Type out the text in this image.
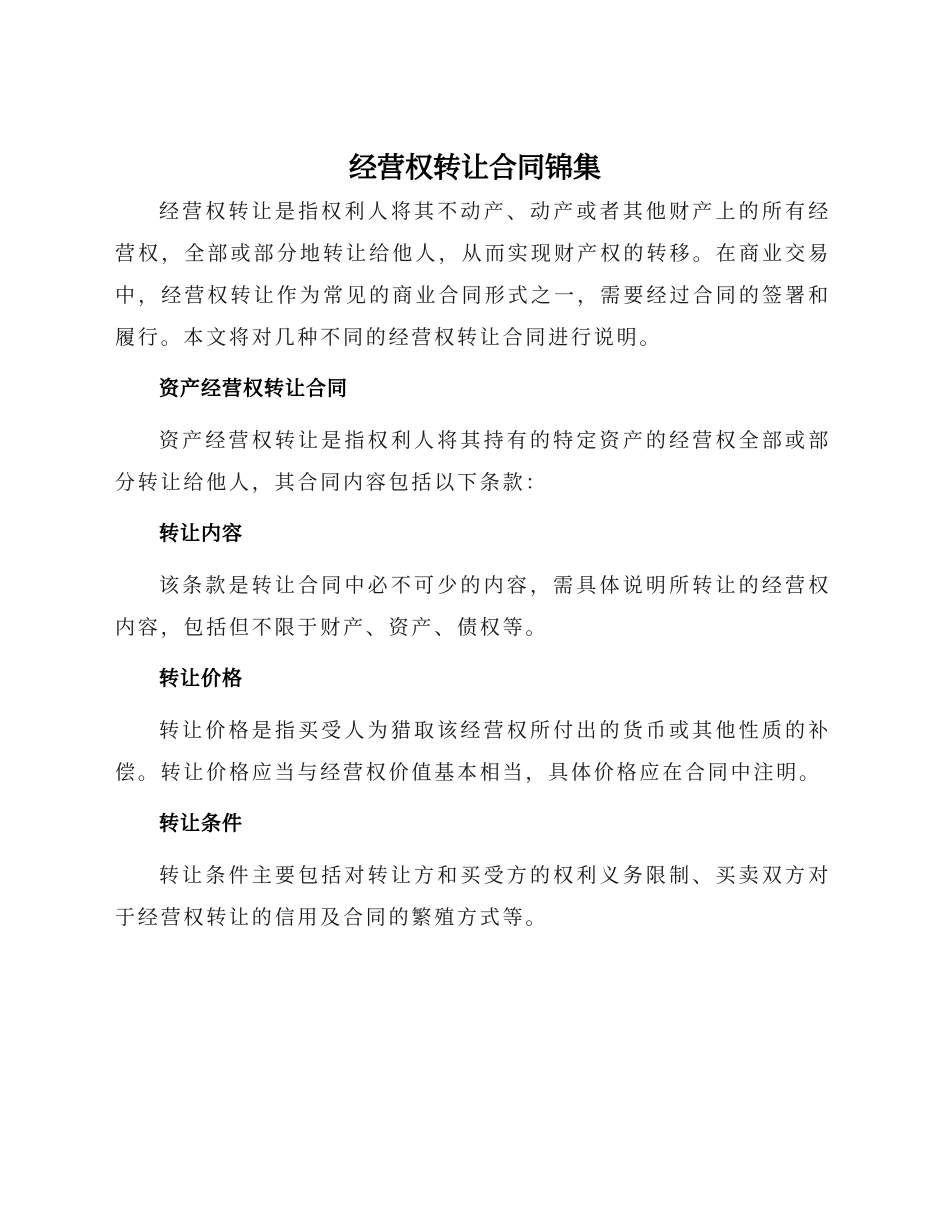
经营权转让合同锦集

经营权转让是指权利人将其不动产、动产或者其他财产上的所有经营权，全部或部分地转让给他人，从而实现财产权的转移。在商业交易中，经营权转让作为常见的商业合同形式之一，需要经过合同的签署和履行。本文将对几种不同的经营权转让合同进行说明。

资产经营权转让合同

资产经营权转让是指权利人将其持有的特定资产的经营权全部或部分转让给他人，其合同内容包括以下条款：

转让内容

该条款是转让合同中必不可少的内容，需具体说明所转让的经营权内容，包括但不限于财产、资产、债权等。

转让价格

转让价格是指买受人为猎取该经营权所付出的货币或其他性质的补偿。转让价格应当与经营权价值基本相当，具体价格应在合同中注明。

转让条件

转让条件主要包括对转让方和买受方的权利义务限制、买卖双方对于经营权转让的信用及合同的繁殖方式等。
